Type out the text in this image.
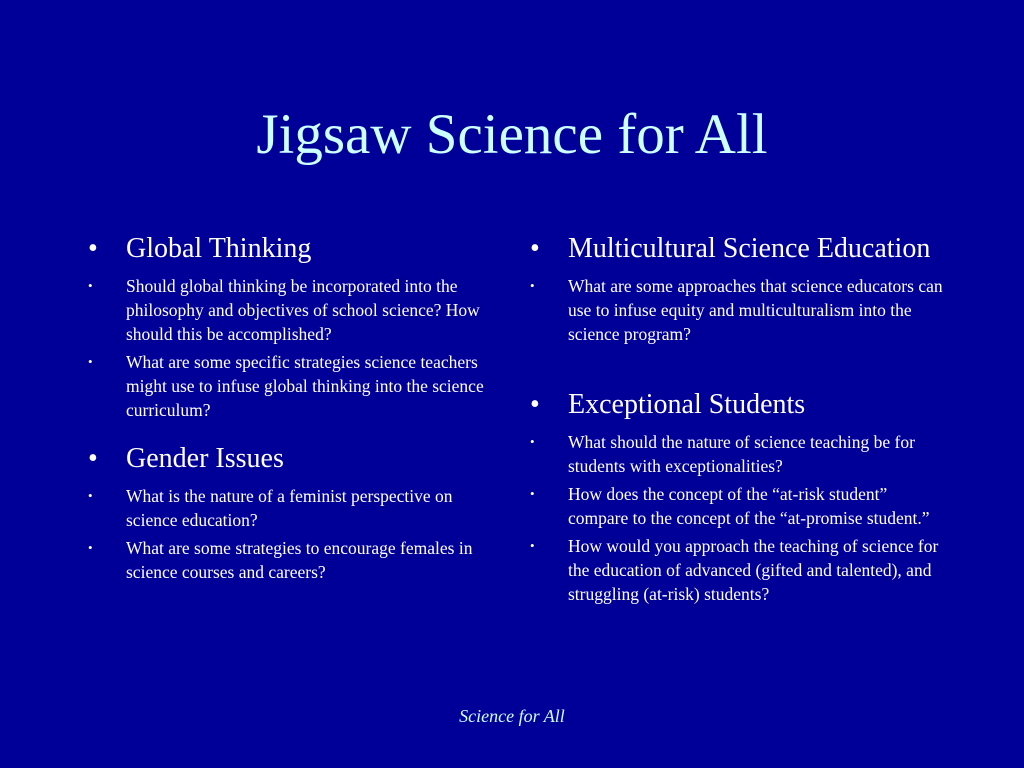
Jigsaw Science for All
•	Global Thinking
•	Should global thinking be incorporated into the philosophy and objectives of school science? How should this be accomplished?
•	What are some specific strategies science teachers might use to infuse global thinking into the science curriculum?
•	Gender Issues
•	What is the nature of a feminist perspective on science education?
•	What are some strategies to encourage females in science courses and careers?
•	Multicultural Science Education
•	What are some approaches that science educators can use to infuse equity and multiculturalism into the science program?
•	Exceptional Students
•	What should the nature of science teaching be for students with exceptionalities?
•	How does the concept of the “at-risk student” compare to the concept of the “at-promise student.”
•	How would you approach the teaching of science for the education of advanced (gifted and talented), and struggling (at-risk) students?
Science for All
